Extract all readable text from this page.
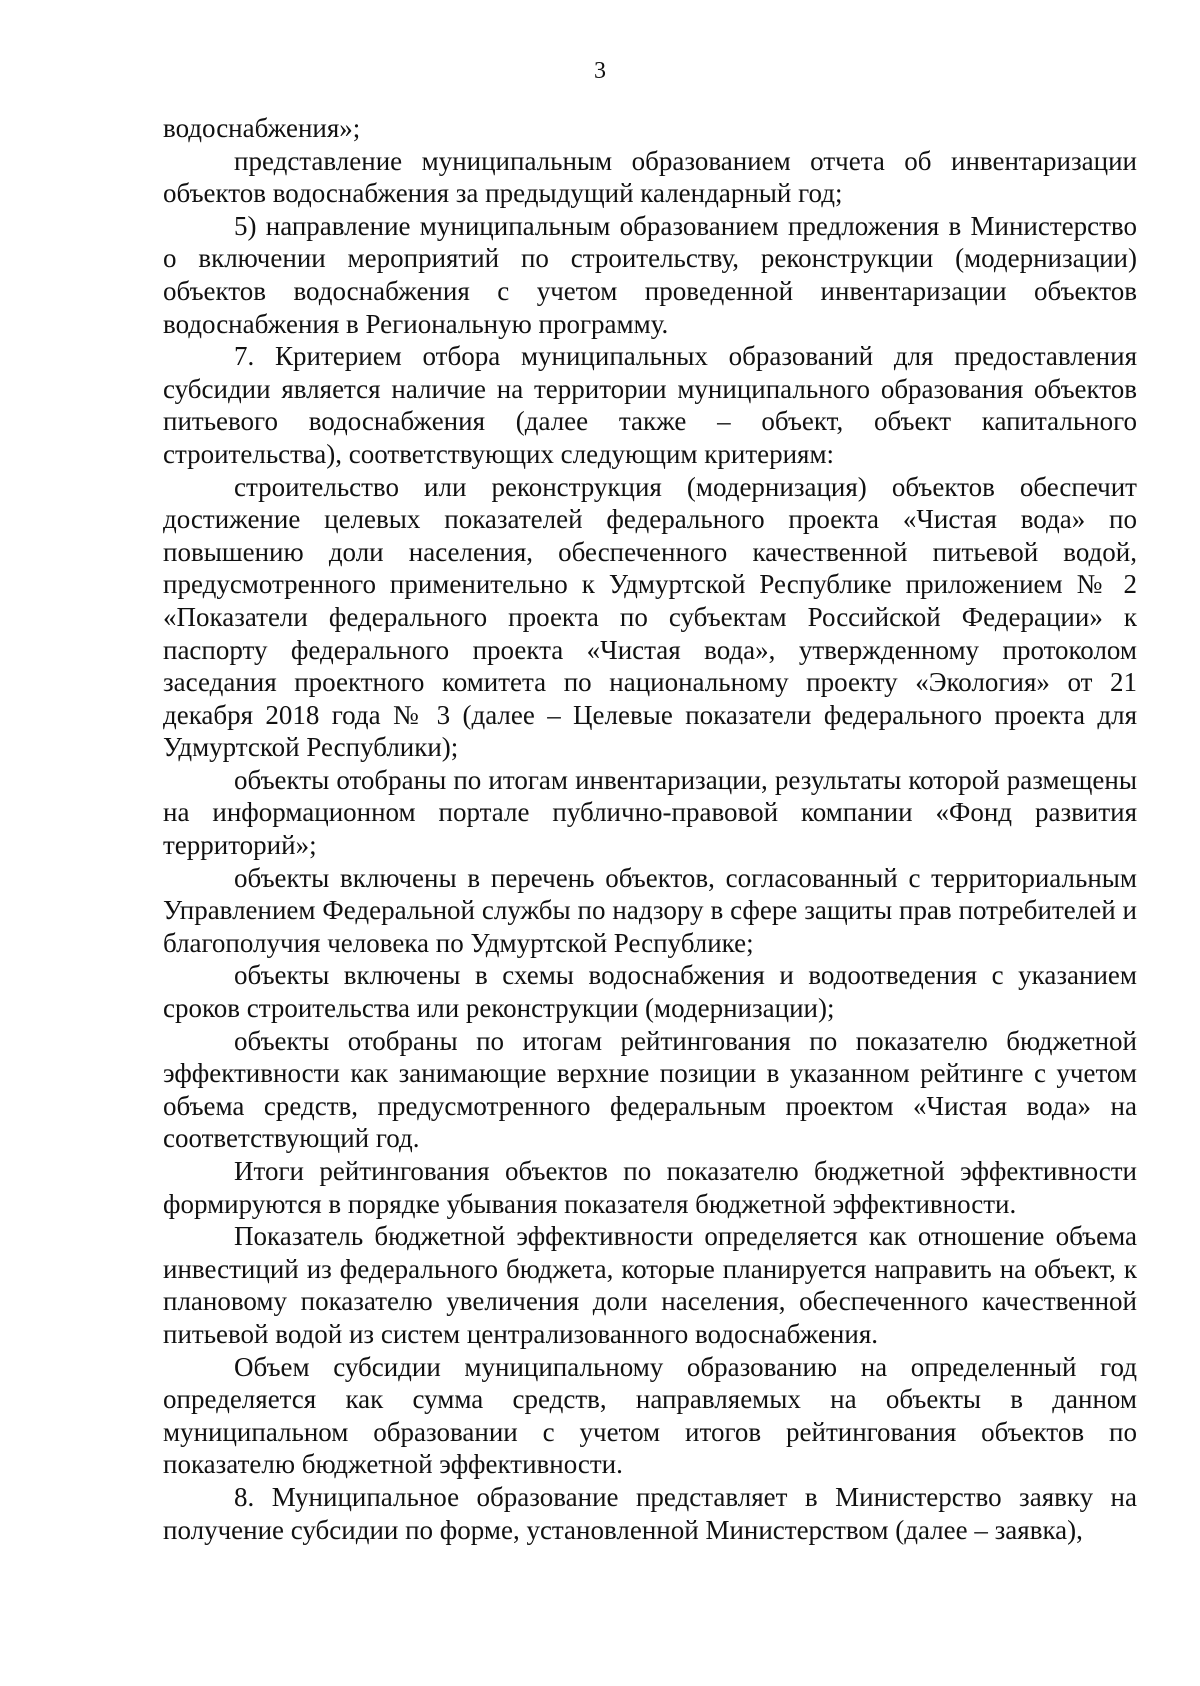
3

водоснабжения»;

представление муниципальным образованием отчета об инвентаризации объектов водоснабжения за предыдущий календарный год;

5) направление муниципальным образованием предложения в Министерство о включении мероприятий по строительству, реконструкции (модернизации) объектов водоснабжения с учетом проведенной инвентаризации объектов водоснабжения в Региональную программу.

7. Критерием отбора муниципальных образований для предоставления субсидии является наличие на территории муниципального образования объектов питьевого водоснабжения (далее также – объект, объект капитального строительства), соответствующих следующим критериям:

строительство или реконструкция (модернизация) объектов обеспечит достижение целевых показателей федерального проекта «Чистая вода» по повышению доли населения, обеспеченного качественной питьевой водой, предусмотренного применительно к Удмуртской Республике приложением № 2 «Показатели федерального проекта по субъектам Российской Федерации» к паспорту федерального проекта «Чистая вода», утвержденному протоколом заседания проектного комитета по национальному проекту «Экология» от 21 декабря 2018 года № 3 (далее – Целевые показатели федерального проекта для Удмуртской Республики);

объекты отобраны по итогам инвентаризации, результаты которой размещены на информационном портале публично-правовой компании «Фонд развития территорий»;

объекты включены в перечень объектов, согласованный с территориальным Управлением Федеральной службы по надзору в сфере защиты прав потребителей и благополучия человека по Удмуртской Республике;

объекты включены в схемы водоснабжения и водоотведения с указанием сроков строительства или реконструкции (модернизации);

объекты отобраны по итогам рейтингования по показателю бюджетной эффективности как занимающие верхние позиции в указанном рейтинге с учетом объема средств, предусмотренного федеральным проектом «Чистая вода» на соответствующий год.

Итоги рейтингования объектов по показателю бюджетной эффективности формируются в порядке убывания показателя бюджетной эффективности.

Показатель бюджетной эффективности определяется как отношение объема инвестиций из федерального бюджета, которые планируется направить на объект, к плановому показателю увеличения доли населения, обеспеченного качественной питьевой водой из систем централизованного водоснабжения.

Объем субсидии муниципальному образованию на определенный год определяется как сумма средств, направляемых на объекты в данном муниципальном образовании с учетом итогов рейтингования объектов по показателю бюджетной эффективности.

8. Муниципальное образование представляет в Министерство заявку на получение субсидии по форме, установленной Министерством (далее – заявка),
